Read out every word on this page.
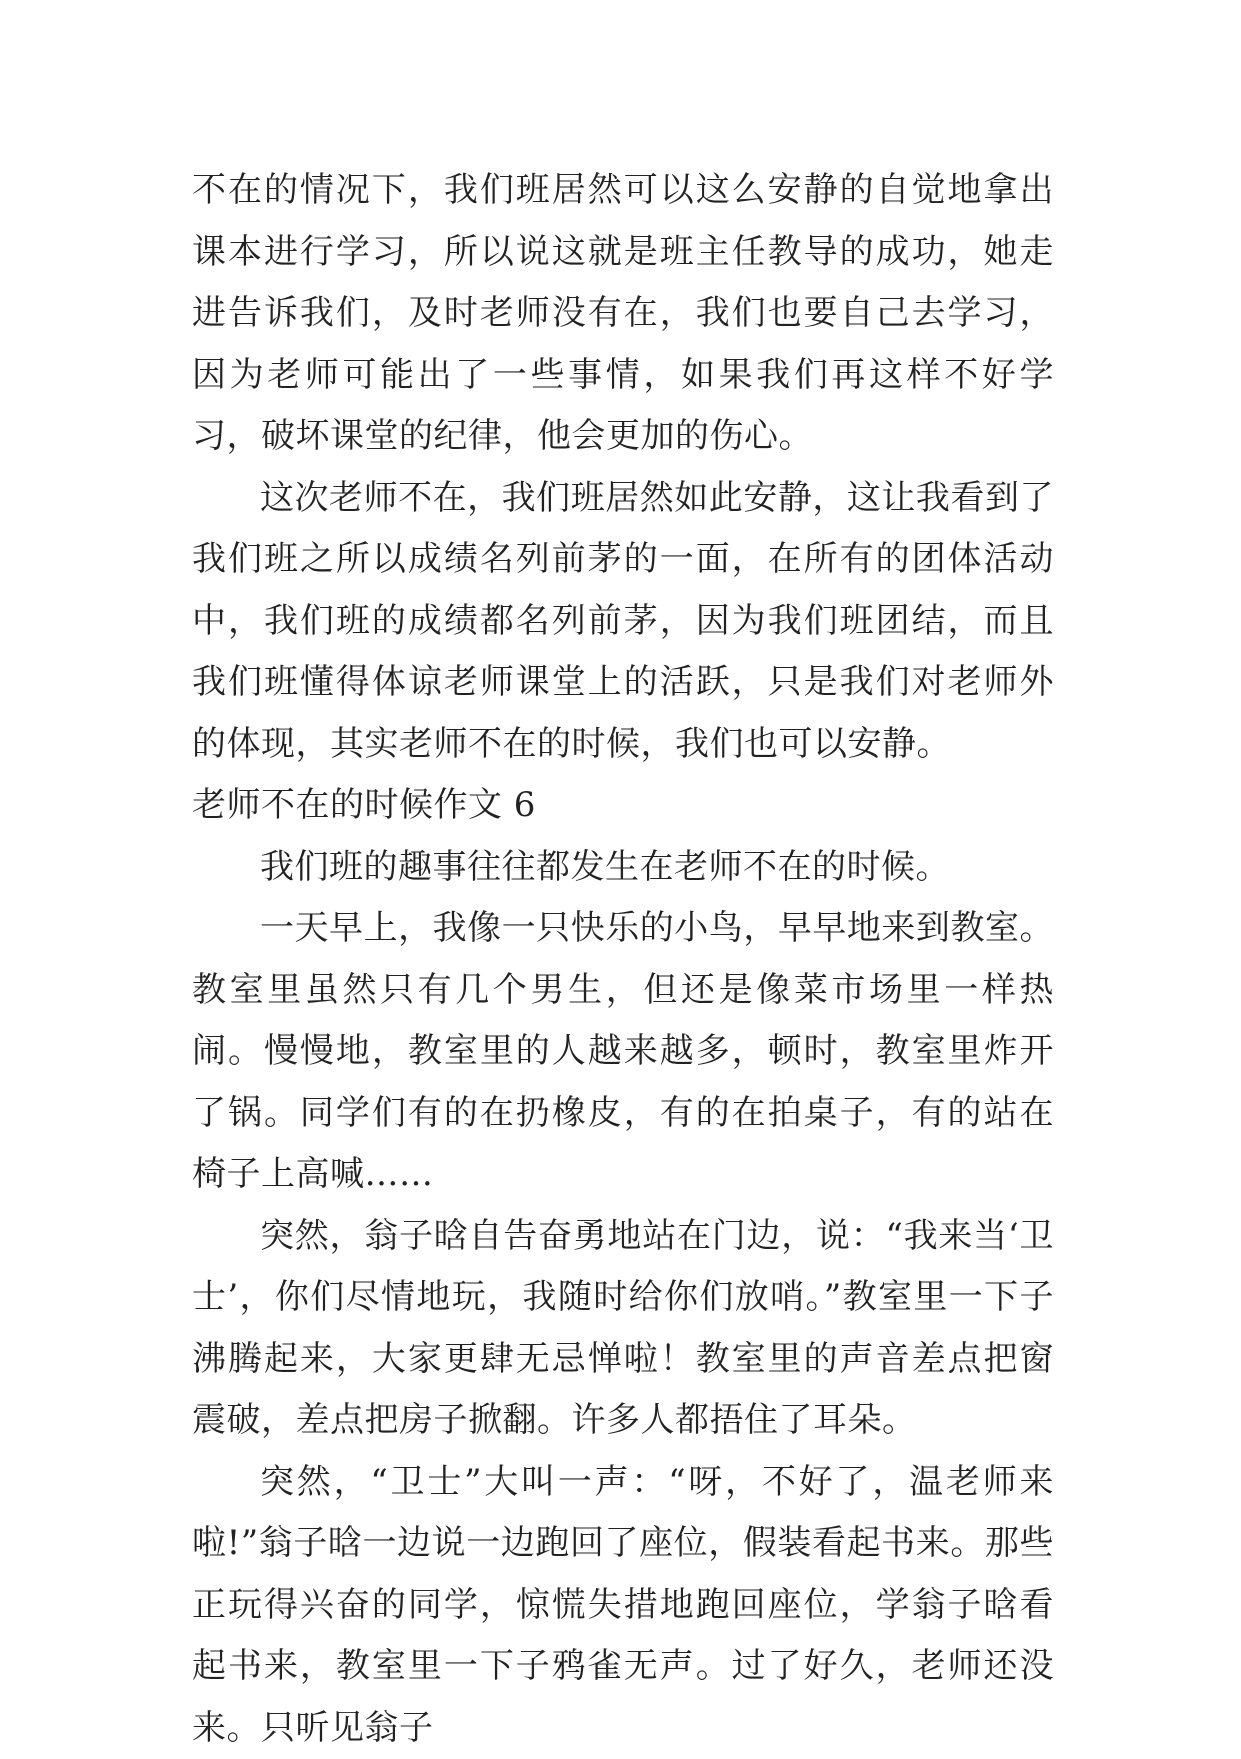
不在的情况下，我们班居然可以这么安静的自觉地拿出课本进行学习，所以说这就是班主任教导的成功，她走进告诉我们，及时老师没有在，我们也要自己去学习，因为老师可能出了一些事情，如果我们再这样不好学习，破坏课堂的纪律，他会更加的伤心。

这次老师不在，我们班居然如此安静，这让我看到了我们班之所以成绩名列前茅的一面，在所有的团体活动中，我们班的成绩都名列前茅，因为我们班团结，而且我们班懂得体谅老师课堂上的活跃，只是我们对老师外的体现，其实老师不在的时候，我们也可以安静。

老师不在的时候作文 6

我们班的趣事往往都发生在老师不在的时候。

一天早上，我像一只快乐的小鸟，早早地来到教室。教室里虽然只有几个男生，但还是像菜市场里一样热闹。慢慢地，教室里的人越来越多，顿时，教室里炸开了锅。同学们有的在扔橡皮，有的在拍桌子，有的站在椅子上高喊……

突然，翁子晗自告奋勇地站在门边，说：“我来当‘卫士’，你们尽情地玩，我随时给你们放哨。”教室里一下子沸腾起来，大家更肆无忌惮啦！教室里的声音差点把窗震破，差点把房子掀翻。许多人都捂住了耳朵。

突然，“卫士”大叫一声：“呀，不好了，温老师来啦!”翁子晗一边说一边跑回了座位，假装看起书来。那些正玩得兴奋的同学，惊慌失措地跑回座位，学翁子晗看起书来，教室里一下子鸦雀无声。过了好久，老师还没来。只听见翁子
